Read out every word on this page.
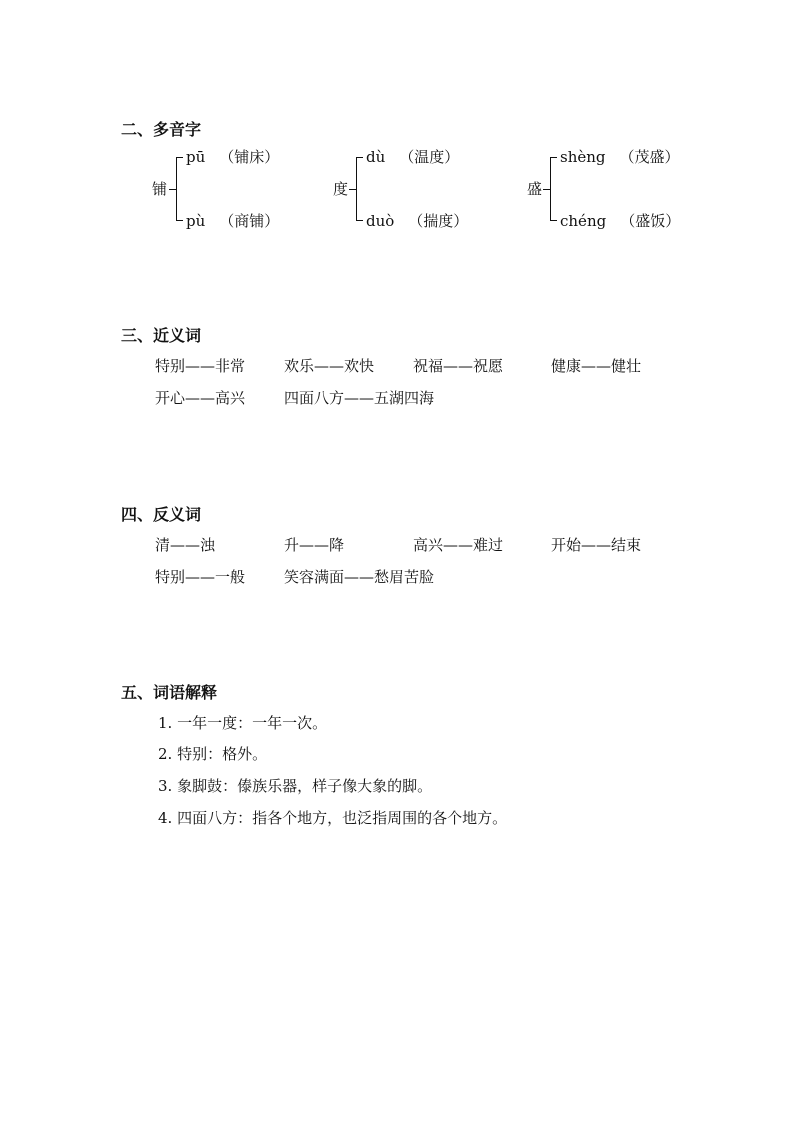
二、多音字
铺
pū （铺床）
pù （商铺）
度
dù （温度）
duò （揣度）
盛
shèng （茂盛）
chéng （盛饭）
三、近义词
特别——非常	欢乐——欢快	祝福——祝愿	健康——健壮
开心——高兴	四面八方——五湖四海
四、反义词
清——浊	升——降	高兴——难过	开始——结束
特别——一般	笑容满面——愁眉苦脸
五、词语解释
1. 一年一度：一年一次。
2. 特别：格外。
3. 象脚鼓：傣族乐器，样子像大象的脚。
4. 四面八方：指各个地方，也泛指周围的各个地方。
